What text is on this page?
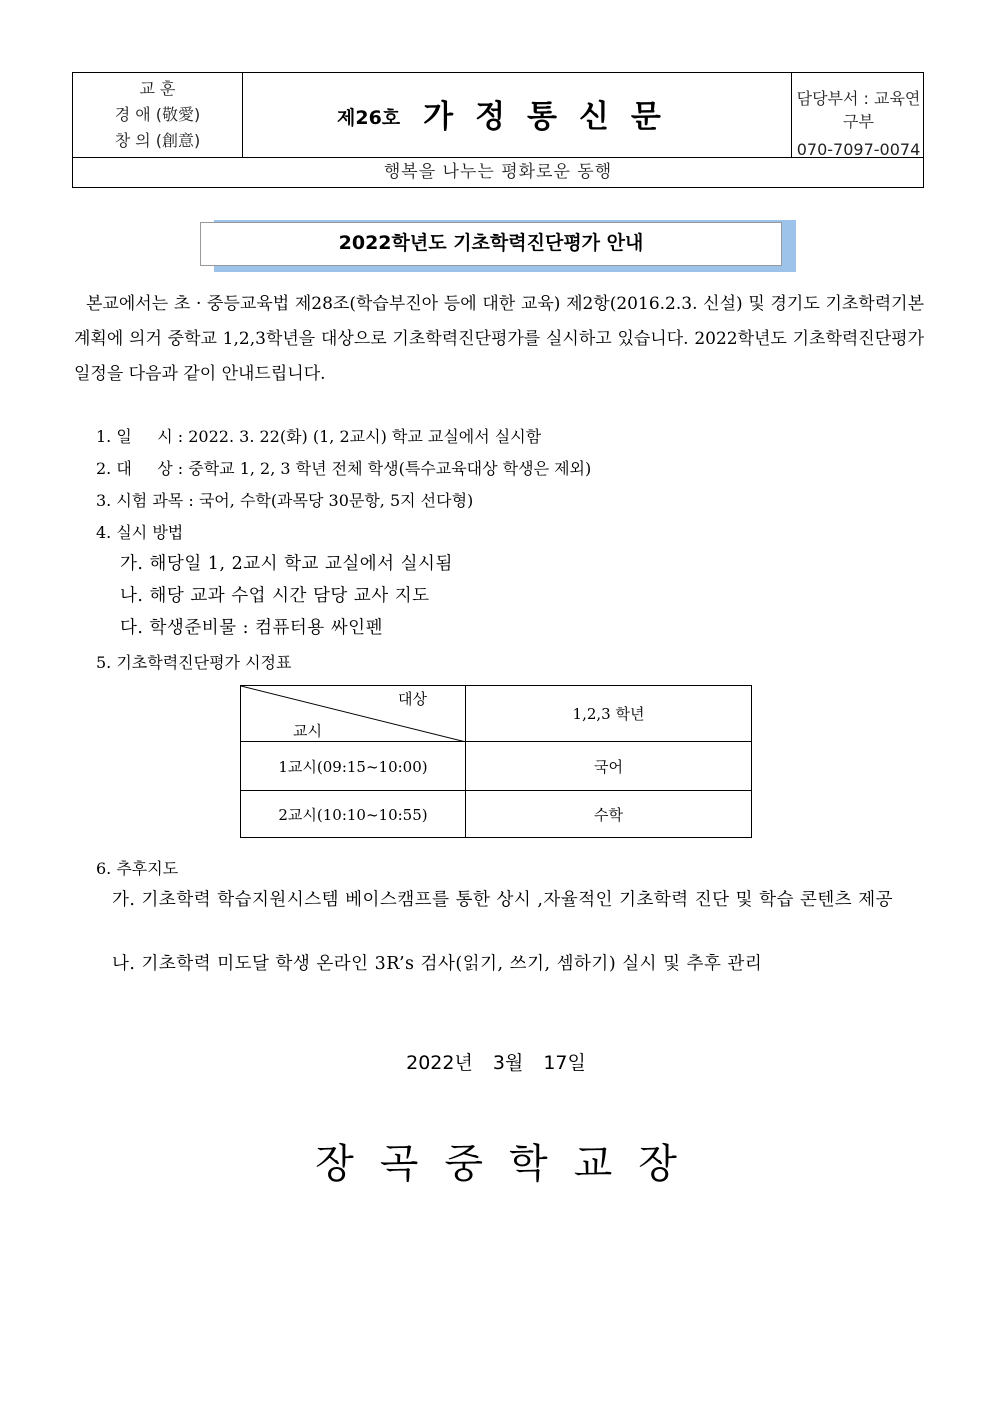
교 훈
경 애 (敬愛)
창 의 (創意)
제26호 가정통신문
담당부서 : 교육연구부
070-7097-0074
행복을 나누는 평화로운 동행
2022학년도 기초학력진단평가 안내
본교에서는 초 · 중등교육법 제28조(학습부진아 등에 대한 교육) 제2항(2016.2.3. 신설) 및 경기도 기초학력기본계획에 의거 중학교 1,2,3학년을 대상으로 기초학력진단평가를 실시하고 있습니다. 2022학년도 기초학력진단평가 일정을 다음과 같이 안내드립니다.
1. 일     시 : 2022. 3. 22(화) (1, 2교시) 학교 교실에서 실시함
2. 대     상 : 중학교 1, 2, 3 학년 전체 학생(특수교육대상 학생은 제외)
3. 시험 과목 : 국어, 수학(과목당 30문항, 5지 선다형)
4. 실시 방법
가. 해당일 1, 2교시 학교 교실에서 실시됨
나. 해당 교과 수업 시간 담당 교사 지도
다. 학생준비물 : 컴퓨터용 싸인펜
5. 기초학력진단평가 시정표
대상
교시
1,2,3 학년
1교시(09:15~10:00)	국어
2교시(10:10~10:55)	수학
6. 추후지도
가. 기초학력 학습지원시스템 베이스캠프를 통한 상시 ,자율적인 기초학력 진단 및 학습 콘텐츠 제공
나. 기초학력 미도달 학생 온라인 3R’s 검사(읽기, 쓰기, 셈하기) 실시 및 추후 관리
2022년 3월 17일
장곡중학교장
